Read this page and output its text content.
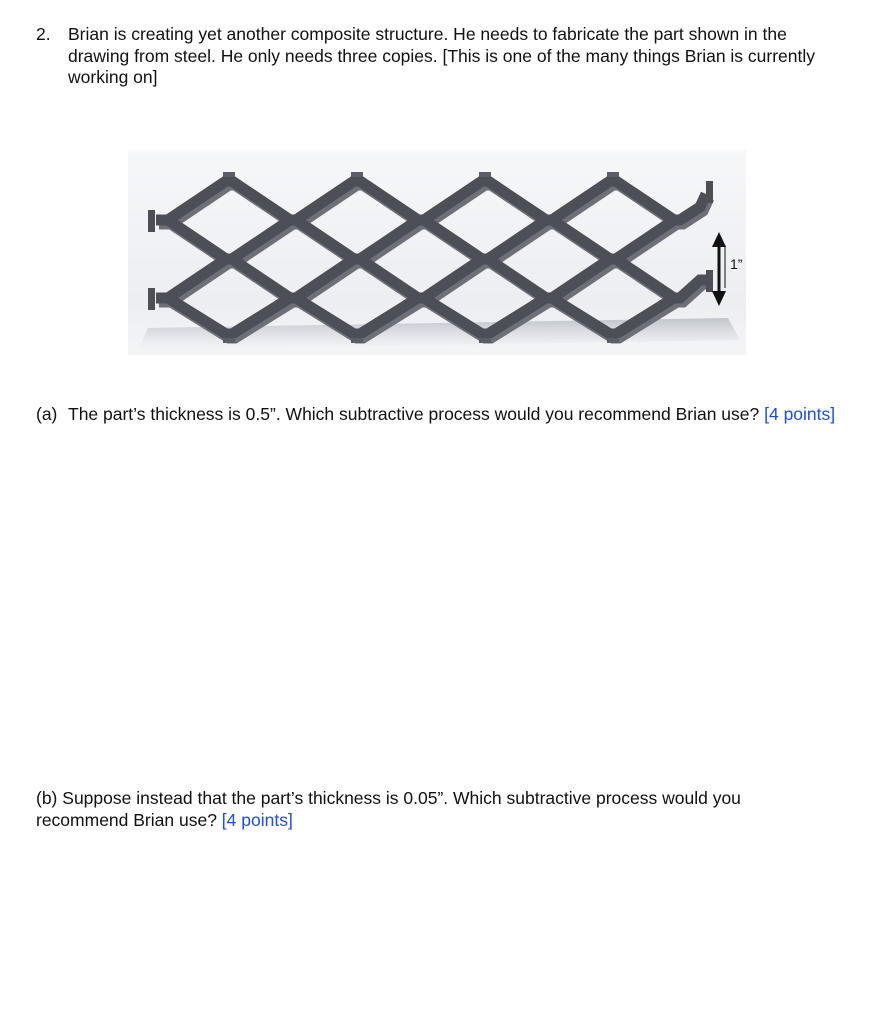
2. Brian is creating yet another composite structure. He needs to fabricate the part shown in the drawing from steel. He only needs three copies. [This is one of the many things Brian is currently working on]
1”
(a) The part’s thickness is 0.5”. Which subtractive process would you recommend Brian use? [4 points]
(b) Suppose instead that the part’s thickness is 0.05”. Which subtractive process would you recommend Brian use? [4 points]
